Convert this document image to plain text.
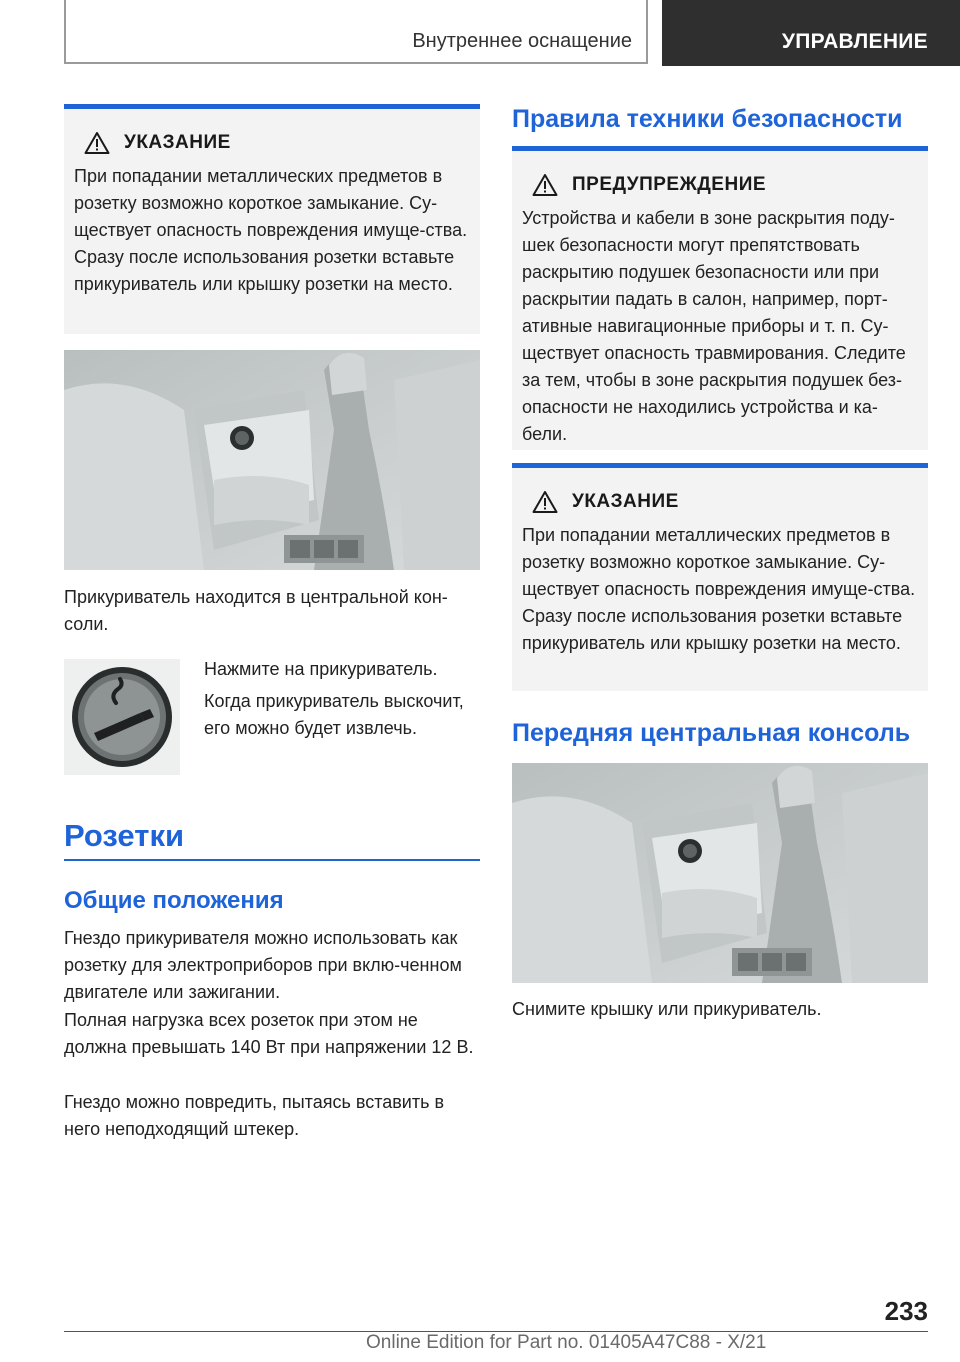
Внутреннее оснащение	УПРАВЛЕНИЕ
УКАЗАНИЕ

При попадании металлических предметов в розетку возможно короткое замыкание. Су-ществует опасность повреждения имуще-ства. Сразу после использования розетки вставьте прикуриватель или крышку розетки на место.

Прикуриватель находится в центральной кон-соли.

Нажмите на прикуриватель.

Когда прикуриватель выскочит, его можно будет извлечь.

Розетки
Общие положения

Гнездо прикуривателя можно использовать как розетку для электроприборов при вклю-ченном двигателе или зажигании.

Полная нагрузка всех розеток при этом не должна превышать 140 Вт при напряжении 12 В.

Гнездо можно повредить, пытаясь вставить в него неподходящий штекер.

Правила техники безопасности
ПРЕДУПРЕЖДЕНИЕ

Устройства и кабели в зоне раскрытия поду-шек безопасности могут препятствовать раскрытию подушек безопасности или при раскрытии падать в салон, например, порт-ативные навигационные приборы и т. п. Су-ществует опасность травмирования. Следите за тем, чтобы в зоне раскрытия подушек без-опасности не находились устройства и ка-бели.

УКАЗАНИЕ

При попадании металлических предметов в розетку возможно короткое замыкание. Су-ществует опасность повреждения имуще-ства. Сразу после использования розетки вставьте прикуриватель или крышку розетки на место.

Передняя центральная консоль

Снимите крышку или прикуриватель.

233
Online Edition for Part no. 01405A47C88 - X/21
